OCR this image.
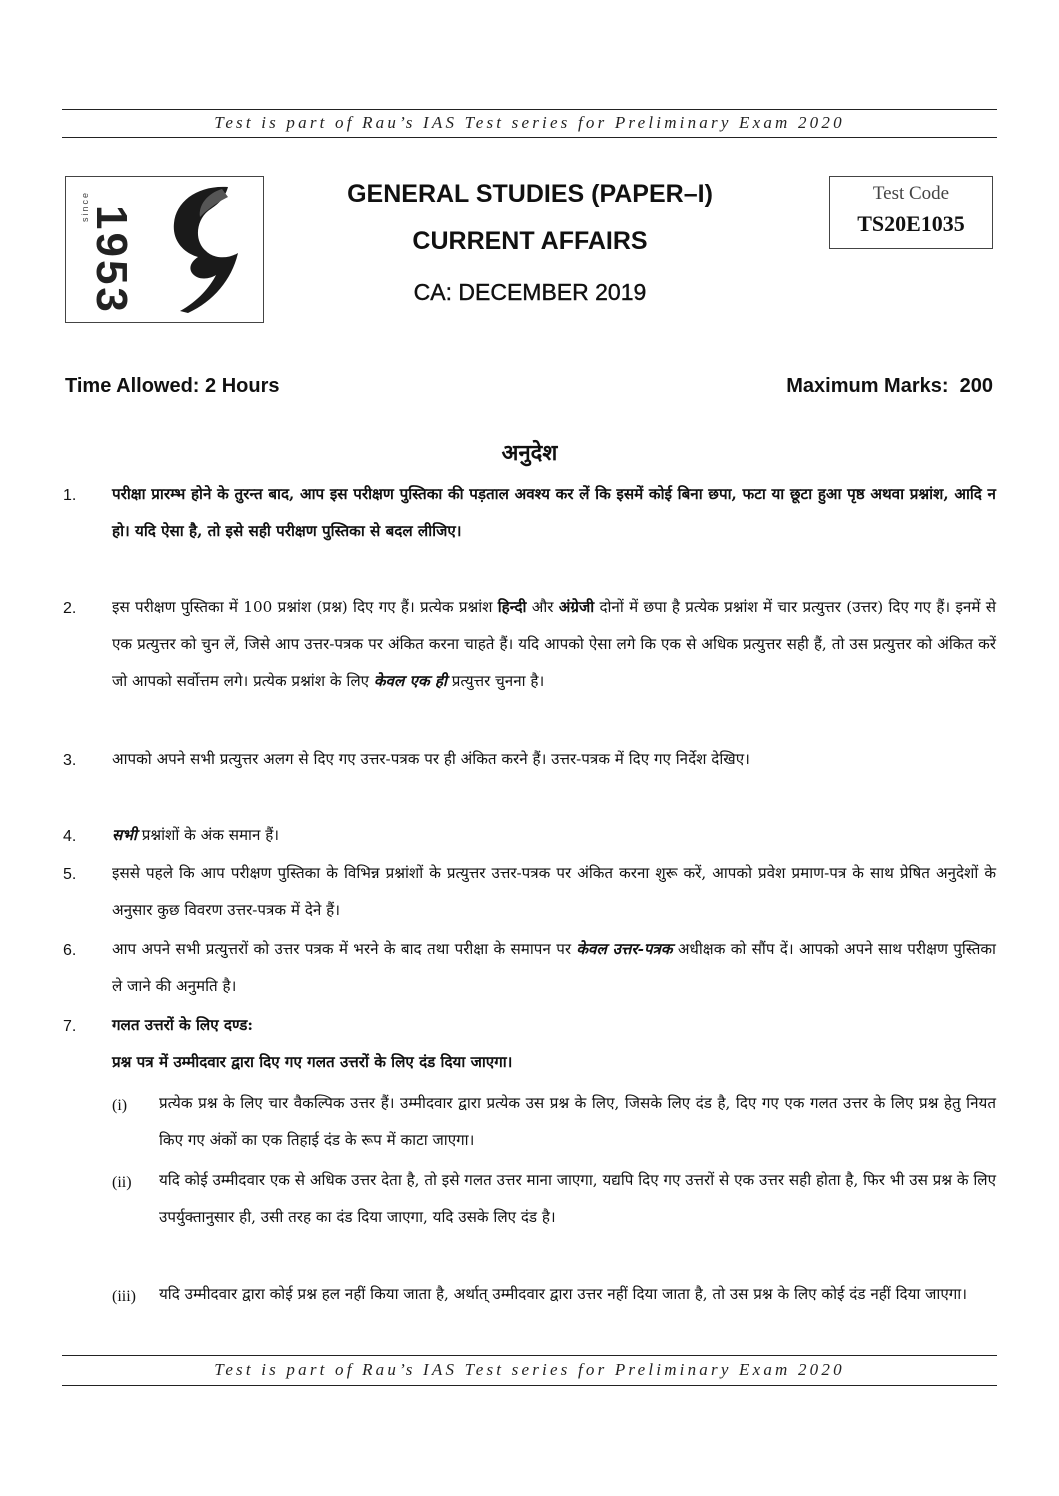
Test is part of Rau’s IAS Test series for Preliminary Exam 2020
since
1953
GENERAL STUDIES (PAPER–I)
CURRENT AFFAIRS
CA: DECEMBER 2019
Test Code
TS20E1035
Time Allowed: 2 Hours	Maximum Marks:  200
अनुदेश
1. परीक्षा प्रारम्भ होने के तुरन्त बाद, आप इस परीक्षण पुस्तिका की पड़ताल अवश्य कर लें कि इसमें कोई बिना छपा, फटा या छूटा हुआ पृष्ठ अथवा प्रश्नांश, आदि न हो। यदि ऐसा है, तो इसे सही परीक्षण पुस्तिका से बदल लीजिए।
2. इस परीक्षण पुस्तिका में 100 प्रश्नांश (प्रश्न) दिए गए हैं। प्रत्येक प्रश्नांश हिन्दी और अंग्रेजी दोनों में छपा है प्रत्येक प्रश्नांश में चार प्रत्युत्तर (उत्तर) दिए गए हैं। इनमें से एक प्रत्युत्तर को चुन लें, जिसे आप उत्तर-पत्रक पर अंकित करना चाहते हैं। यदि आपको ऐसा लगे कि एक से अधिक प्रत्युत्तर सही हैं, तो उस प्रत्युत्तर को अंकित करें जो आपको सर्वोत्तम लगे। प्रत्येक प्रश्नांश के लिए केवल एक ही प्रत्युत्तर चुनना है।
3. आपको अपने सभी प्रत्युत्तर अलग से दिए गए उत्तर-पत्रक पर ही अंकित करने हैं। उत्तर-पत्रक में दिए गए निर्देश देखिए।
4. सभी प्रश्नांशों के अंक समान हैं।
5. इससे पहले कि आप परीक्षण पुस्तिका के विभिन्न प्रश्नांशों के प्रत्युत्तर उत्तर-पत्रक पर अंकित करना शुरू करें, आपको प्रवेश प्रमाण-पत्र के साथ प्रेषित अनुदेशों के अनुसार कुछ विवरण उत्तर-पत्रक में देने हैं।
6. आप अपने सभी प्रत्युत्तरों को उत्तर पत्रक में भरने के बाद तथा परीक्षा के समापन पर केवल उत्तर-पत्रक अधीक्षक को सौंप दें। आपको अपने साथ परीक्षण पुस्तिका ले जाने की अनुमति है।
7. गलत उत्तरों के लिए दण्ड:
प्रश्न पत्र में उम्मीदवार द्वारा दिए गए गलत उत्तरों के लिए दंड दिया जाएगा।
(i) प्रत्येक प्रश्न के लिए चार वैकल्पिक उत्तर हैं। उम्मीदवार द्वारा प्रत्येक उस प्रश्न के लिए, जिसके लिए दंड है, दिए गए एक गलत उत्तर के लिए प्रश्न हेतु नियत किए गए अंकों का एक तिहाई दंड के रूप में काटा जाएगा।
(ii) यदि कोई उम्मीदवार एक से अधिक उत्तर देता है, तो इसे गलत उत्तर माना जाएगा, यद्यपि दिए गए उत्तरों से एक उत्तर सही होता है, फिर भी उस प्रश्न के लिए उपर्युक्तानुसार ही, उसी तरह का दंड दिया जाएगा, यदि उसके लिए दंड है।
(iii) यदि उम्मीदवार द्वारा कोई प्रश्न हल नहीं किया जाता है, अर्थात् उम्मीदवार द्वारा उत्तर नहीं दिया जाता है, तो उस प्रश्न के लिए कोई दंड नहीं दिया जाएगा।
Test is part of Rau’s IAS Test series for Preliminary Exam 2020
